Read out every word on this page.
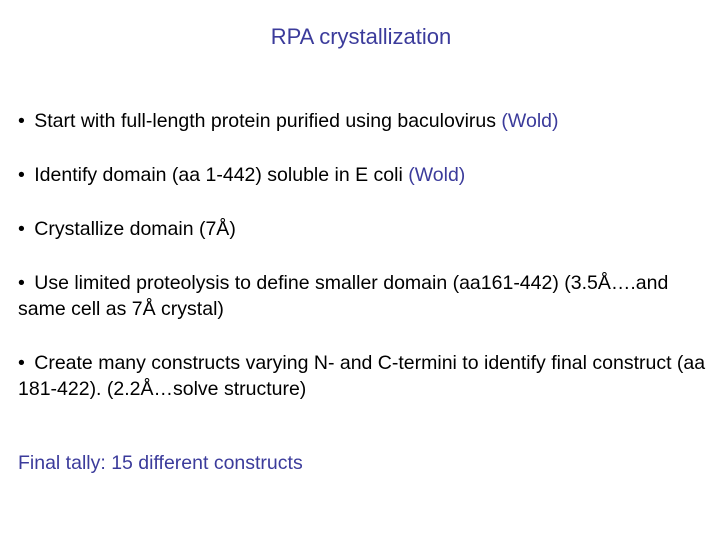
RPA crystallization
• Start with full-length protein purified using baculovirus (Wold)
• Identify domain (aa 1-442) soluble in E coli (Wold)
• Crystallize domain (7Å)
• Use limited proteolysis to define smaller domain (aa161-442) (3.5Å….and same cell as 7Å crystal)
• Create many constructs varying N- and C-termini to identify final construct (aa 181-422). (2.2Å…solve structure)
Final tally: 15 different constructs
